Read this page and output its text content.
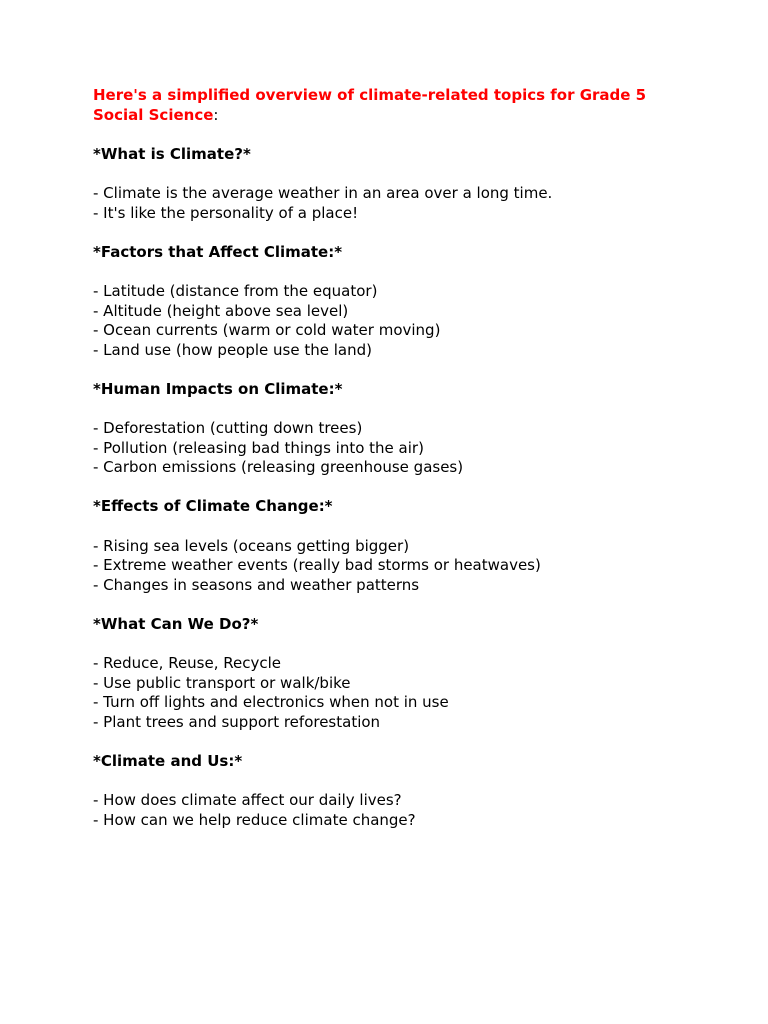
Here's a simplified overview of climate-related topics for Grade 5 Social Science:

*What is Climate?*

- Climate is the average weather in an area over a long time.
- It's like the personality of a place!

*Factors that Affect Climate:*

- Latitude (distance from the equator)
- Altitude (height above sea level)
- Ocean currents (warm or cold water moving)
- Land use (how people use the land)

*Human Impacts on Climate:*

- Deforestation (cutting down trees)
- Pollution (releasing bad things into the air)
- Carbon emissions (releasing greenhouse gases)

*Effects of Climate Change:*

- Rising sea levels (oceans getting bigger)
- Extreme weather events (really bad storms or heatwaves)
- Changes in seasons and weather patterns

*What Can We Do?*

- Reduce, Reuse, Recycle
- Use public transport or walk/bike
- Turn off lights and electronics when not in use
- Plant trees and support reforestation

*Climate and Us:*

- How does climate affect our daily lives?
- How can we help reduce climate change?
